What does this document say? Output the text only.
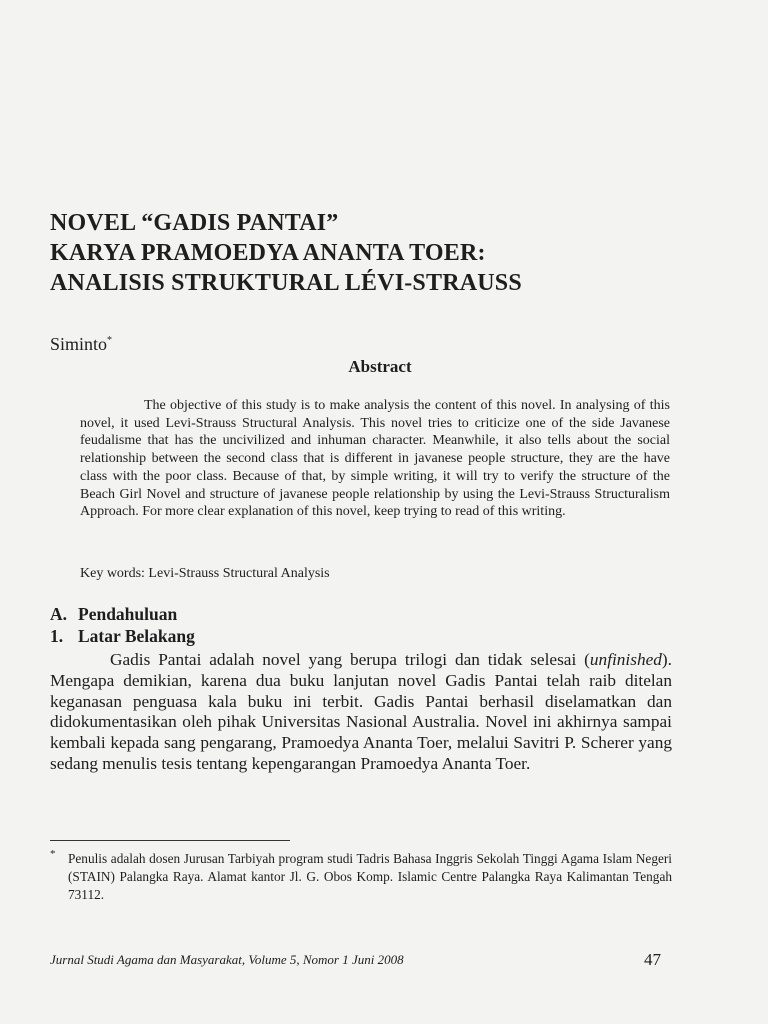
NOVEL “GADIS PANTAI”
KARYA PRAMOEDYA ANANTA TOER:
ANALISIS STRUKTURAL LÉVI-STRAUSS
Siminto*
Abstract

The objective of this study is to make analysis the content of this novel. In analysing of this novel, it used Levi-Strauss Structural Analysis. This novel tries to criticize one of the side Javanese feudalisme that has the uncivilized and inhuman character. Meanwhile, it also tells about the social relationship between the second class that is different in javanese people structure, they are the have class with the poor class. Because of that, by simple writing, it will try to verify the structure of the Beach Girl Novel and structure of javanese people relationship by using the Levi-Strauss Structuralism Approach. For more clear explanation of this novel, keep trying to read of this writing.

Key words: Levi-Strauss Structural Analysis
A. Pendahuluan
1. Latar Belakang

Gadis Pantai adalah novel yang berupa trilogi dan tidak selesai (unfinished). Mengapa demikian, karena dua buku lanjutan novel Gadis Pantai telah raib ditelan keganasan penguasa kala buku ini terbit. Gadis Pantai berhasil diselamatkan dan didokumentasikan oleh pihak Universitas Nasional Australia. Novel ini akhirnya sampai kembali kepada sang pengarang, Pramoedya Ananta Toer, melalui Savitri P. Scherer yang sedang menulis tesis tentang kepengarangan Pramoedya Ananta Toer.

* Penulis adalah dosen Jurusan Tarbiyah program studi Tadris Bahasa Inggris Sekolah Tinggi Agama Islam Negeri (STAIN) Palangka Raya. Alamat kantor Jl. G. Obos Komp. Islamic Centre Palangka Raya Kalimantan Tengah 73112.
Jurnal Studi Agama dan Masyarakat, Volume 5, Nomor 1 Juni 2008	47
